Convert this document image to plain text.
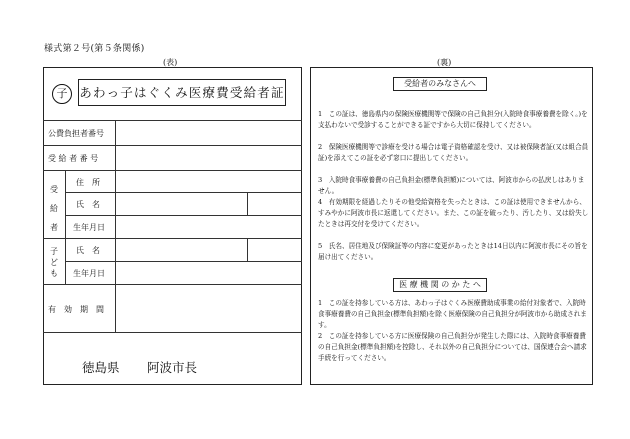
様式第２号(第５条関係)
(表)	(裏)
子 あわっ子はぐくみ医療費受給者証
公費負担者番号
受 給 者 番 号
受
給
者
住　所
氏　名
生年月日
子
ど
も
氏　名
生年月日
有　効　期　間
徳島県 阿波市長
受給者のみなさんへ

1　この証は、徳島県内の保険医療機関等で保険の自己負担分(入院時食事療養費を除く。)を支払わないで受診することができる証ですから大切に保持してください。

2　保険医療機関等で診療を受ける場合は電子資格確認を受け、又は被保険者証(又は組合員証)を添えてこの証を必ず窓口に提出してください。

3　入院時食事療養費の自己負担金(標準負担額)については、阿波市からの払戻しはありません。

4　有効期限を経過したりその他受給資格を失ったときは、この証は使用できませんから、すみやかに阿波市長に返還してください。また、この証を破ったり、汚したり、又は紛失したときは再交付を受けてください。

5　氏名、居住地及び保険証等の内容に変更があったときは14日以内に阿波市長にその旨を届け出てください。

医 療 機 関 の か た へ

1　この証を持参している方は、あわっ子はぐくみ医療費助成事業の給付対象者で、入院時食事療養費の自己負担金(標準負担額)を除く医療保険の自己負担分が阿波市から助成されます。

2　この証を持参している方に医療保険の自己負担分が発生した際には、入院時食事療養費の自己負担金(標準負担額)を控除し、それ以外の自己負担分については、国保連合会へ請求手続を行ってください。
